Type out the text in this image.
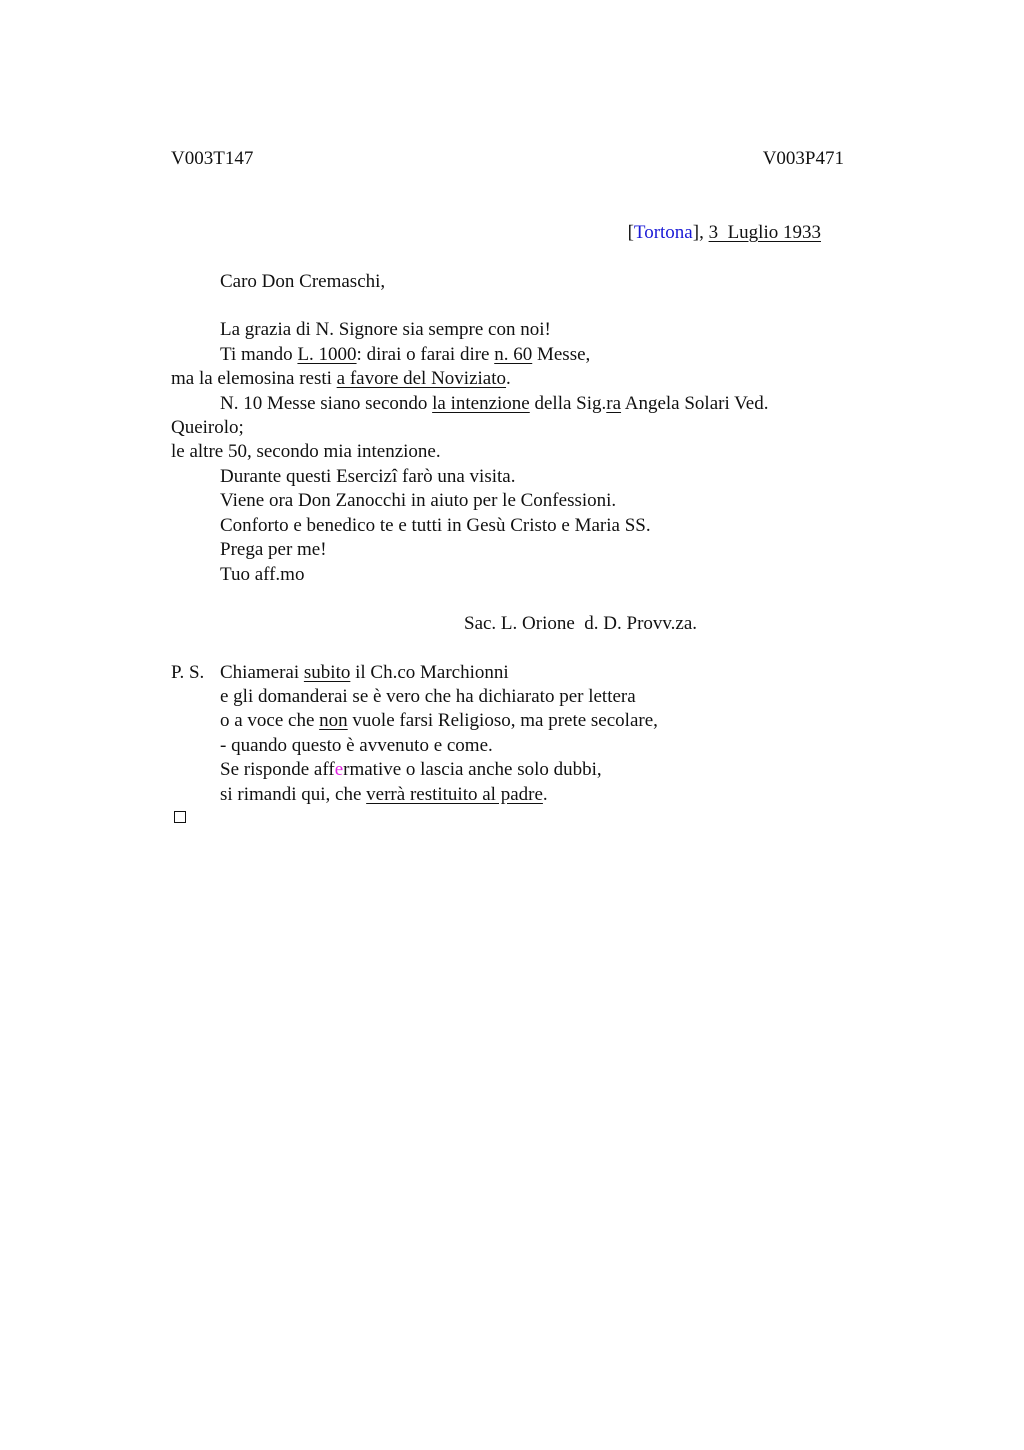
V003T147	V003P471
[Tortona], 3  Luglio 1933
Caro Don Cremaschi,
La grazia di N. Signore sia sempre con noi!
Ti mando L. 1000: dirai o farai dire n. 60 Messe,
ma la elemosina resti a favore del Noviziato.
N. 10 Messe siano secondo la intenzione della Sig.ra Angela Solari Ved.
Queirolo;
le altre 50, secondo mia intenzione.
Durante questi Esercizi farò una visita.
Viene ora Don Zanocchi in aiuto per le Confessioni.
Conforto e benedico te e tutti in Gesù Cristo e Maria SS.
Prega per me!
Tuo aff.mo
Sac. L. Orione  d. D. Provv.za.
P. S. Chiamerai subito il Ch.co Marchionni
e gli domanderai se è vero che ha dichiarato per lettera
o a voce che non vuole farsi Religioso, ma prete secolare,
- quando questo è avvenuto e come.
Se risponde affermative o lascia anche solo dubbi,
si rimandi qui, che verrà restituito al padre.
